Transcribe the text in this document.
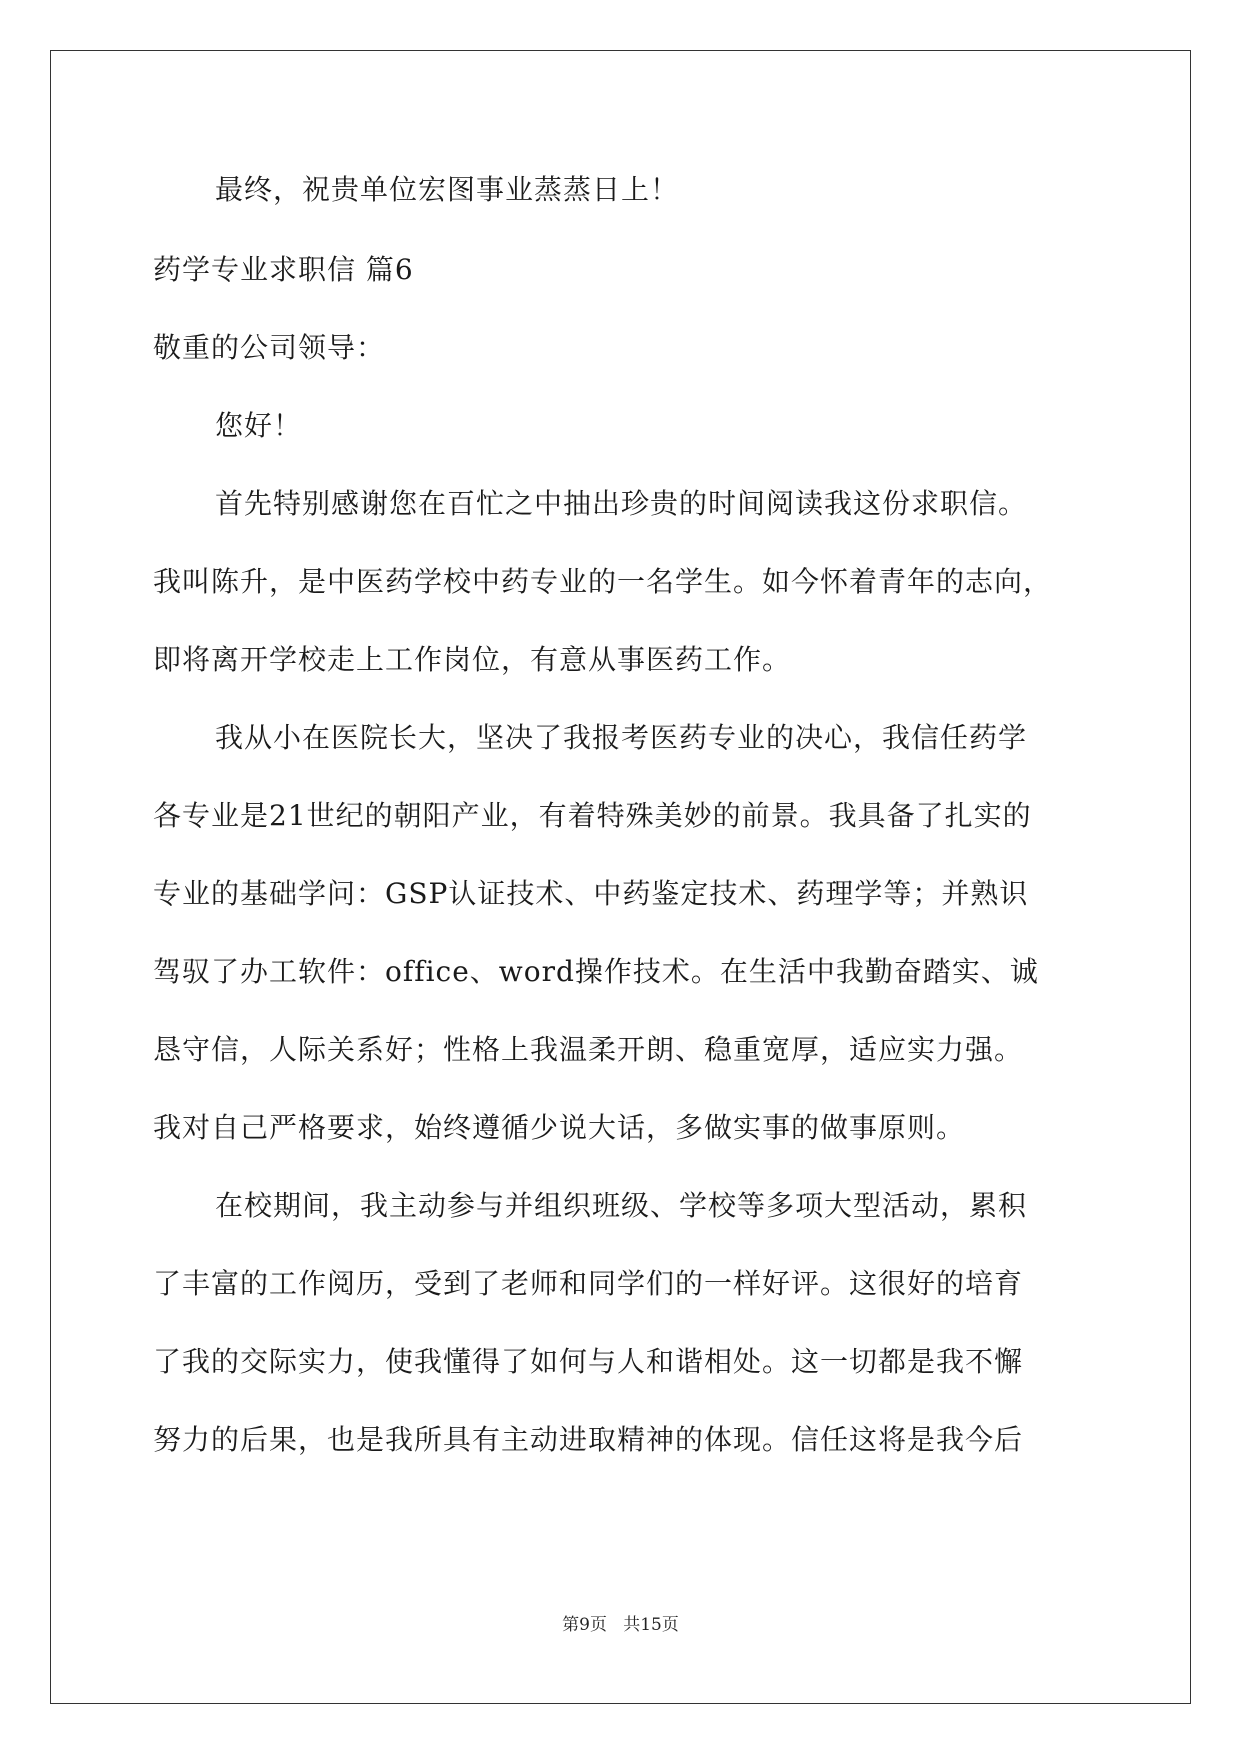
最终，祝贵单位宏图事业蒸蒸日上！
药学专业求职信 篇6
敬重的公司领导：
您好！
首先特别感谢您在百忙之中抽出珍贵的时间阅读我这份求职信。
我叫陈升，是中医药学校中药专业的一名学生。如今怀着青年的志向，
即将离开学校走上工作岗位，有意从事医药工作。
我从小在医院长大，坚决了我报考医药专业的决心，我信任药学
各专业是21世纪的朝阳产业，有着特殊美妙的前景。我具备了扎实的
专业的基础学问：GSP认证技术、中药鉴定技术、药理学等；并熟识
驾驭了办工软件：office、word操作技术。在生活中我勤奋踏实、诚
恳守信，人际关系好；性格上我温柔开朗、稳重宽厚，适应实力强。
我对自己严格要求，始终遵循少说大话，多做实事的做事原则。
在校期间，我主动参与并组织班级、学校等多项大型活动，累积
了丰富的工作阅历，受到了老师和同学们的一样好评。这很好的培育
了我的交际实力，使我懂得了如何与人和谐相处。这一切都是我不懈
努力的后果，也是我所具有主动进取精神的体现。信任这将是我今后
第9页 共15页
